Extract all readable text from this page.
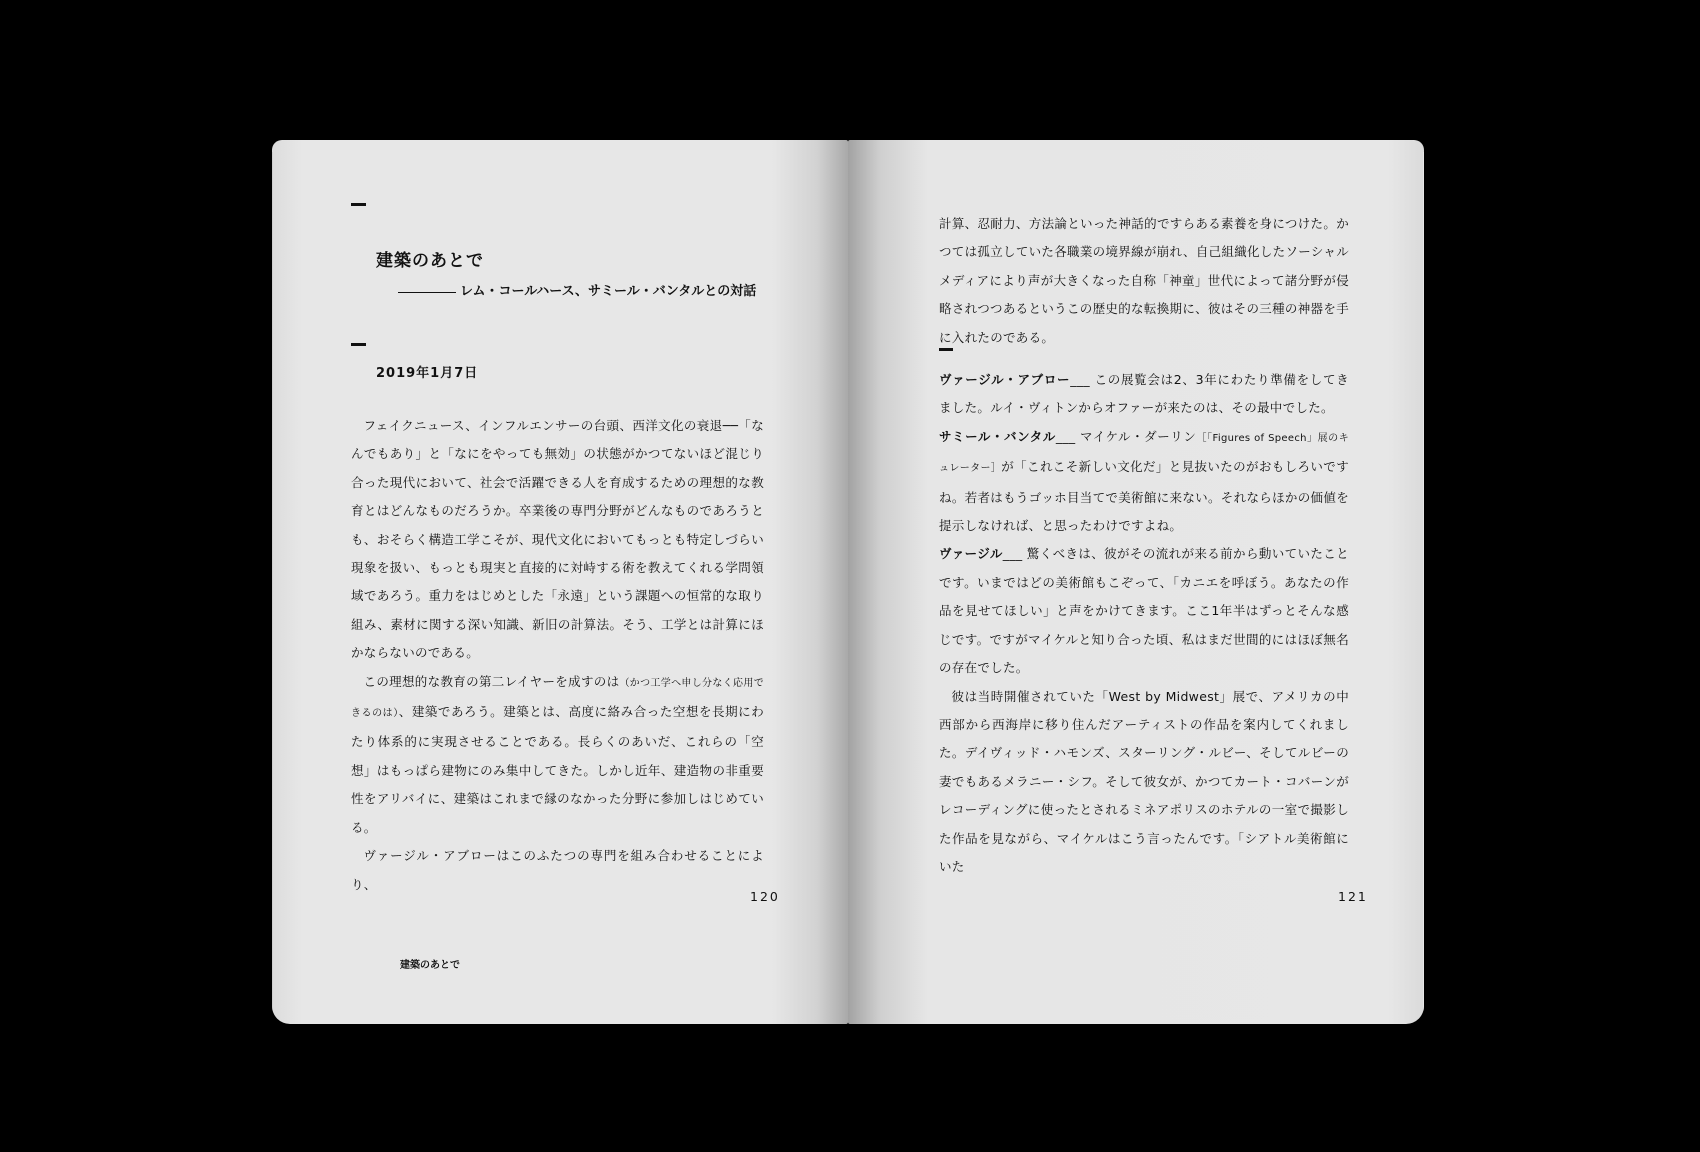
建築のあとで
レム・コールハース、サミール・バンタルとの対話
2019年1月7日

フェイクニュース、インフルエンサーの台頭、西洋文化の衰退──「なんでもあり」と「なにをやっても無効」の状態がかつてないほど混じり合った現代において、社会で活躍できる人を育成するための理想的な教育とはどんなものだろうか。卒業後の専門分野がどんなものであろうとも、おそらく構造工学こそが、現代文化においてもっとも特定しづらい現象を扱い、もっとも現実と直接的に対峙する術を教えてくれる学問領域であろう。重力をはじめとした「永遠」という課題への恒常的な取り組み、素材に関する深い知識、新旧の計算法。そう、工学とは計算にほかならないのである。

この理想的な教育の第二レイヤーを成すのは（かつ工学へ申し分なく応用できるのは）、建築であろう。建築とは、高度に絡み合った空想を長期にわたり体系的に実現させることである。長らくのあいだ、これらの「空想」はもっぱら建物にのみ集中してきた。しかし近年、建造物の非重要性をアリバイに、建築はこれまで縁のなかった分野に参加しはじめている。

ヴァージル・アブローはこのふたつの専門を組み合わせることにより、

120
建築のあとで

計算、忍耐力、方法論といった神話的ですらある素養を身につけた。かつては孤立していた各職業の境界線が崩れ、自己組織化したソーシャルメディアにより声が大きくなった自称「神童」世代によって諸分野が侵略されつつあるというこの歴史的な転換期に、彼はその三種の神器を手に入れたのである。

ヴァージル・アブロー___ この展覧会は2、3年にわたり準備をしてきました。ルイ・ヴィトンからオファーが来たのは、その最中でした。

サミール・バンタル___ マイケル・ダーリン［「Figures of Speech」展のキュレーター］が「これこそ新しい文化だ」と見抜いたのがおもしろいですね。若者はもうゴッホ目当てで美術館に来ない。それならほかの価値を提示しなければ、と思ったわけですよね。

ヴァージル___ 驚くべきは、彼がその流れが来る前から動いていたことです。いまではどの美術館もこぞって、「カニエを呼ぼう。あなたの作品を見せてほしい」と声をかけてきます。ここ1年半はずっとそんな感じです。ですがマイケルと知り合った頃、私はまだ世間的にはほぼ無名の存在でした。

彼は当時開催されていた「West by Midwest」展で、アメリカの中西部から西海岸に移り住んだアーティストの作品を案内してくれました。デイヴィッド・ハモンズ、スターリング・ルビー、そしてルビーの妻でもあるメラニー・シフ。そして彼女が、かつてカート・コバーンがレコーディングに使ったとされるミネアポリスのホテルの一室で撮影した作品を見ながら、マイケルはこう言ったんです。「シアトル美術館にいた

121
